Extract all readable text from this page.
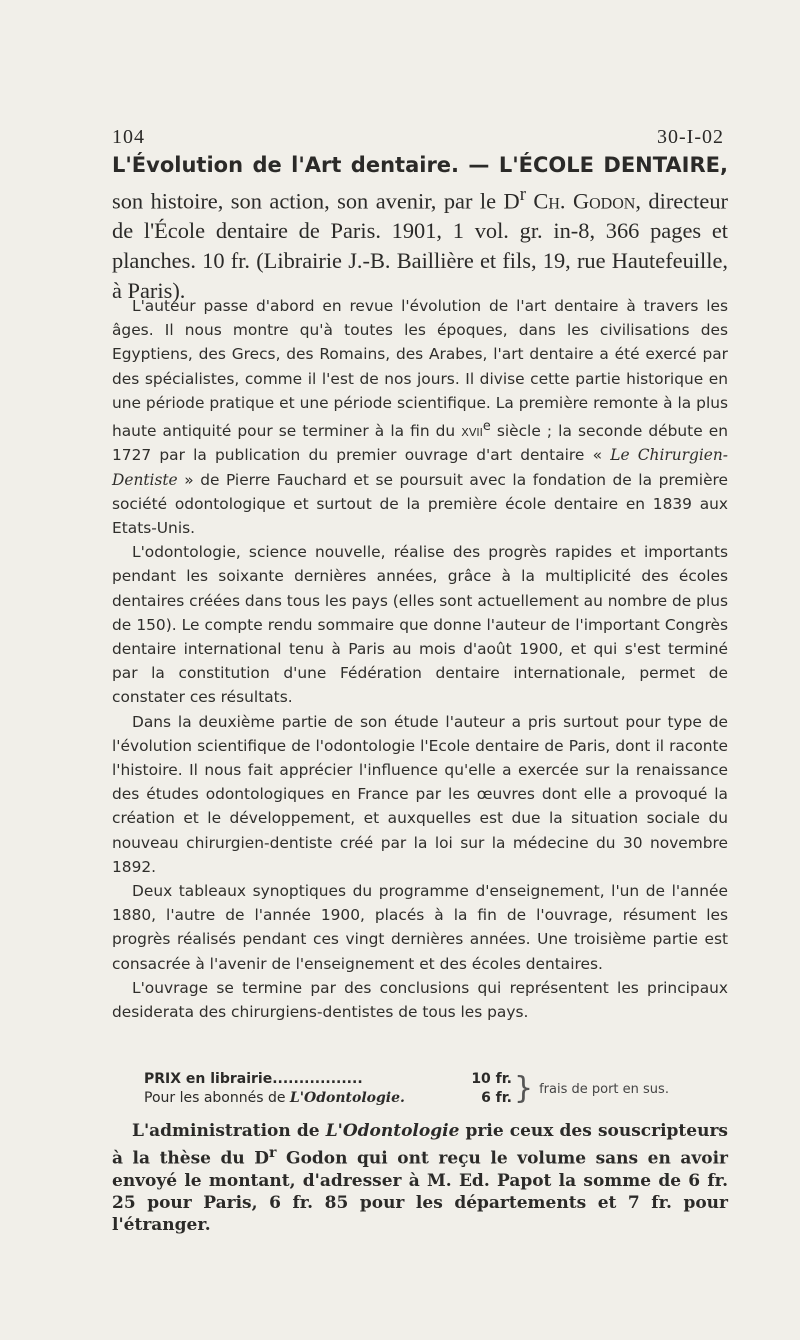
104	30-I-02
L'Évolution de l'Art dentaire. — L'ÉCOLE DENTAIRE, son histoire, son action, son avenir, par le $D^r$ Ch. Godon, directeur de l'École dentaire de Paris. 1901, 1 vol. gr. in-8, 366 pages et planches. 10 fr. (Librairie J.-B. Baillière et fils, 19, rue Hautefeuille, à Paris).

L'auteur passe d'abord en revue l'évolution de l'art dentaire à travers les âges. Il nous montre qu'à toutes les époques, dans les civilisations des Egyptiens, des Grecs, des Romains, des Arabes, l'art dentaire a été exercé par des spécialistes, comme il l'est de nos jours. Il divise cette partie historique en une période pratique et une période scientifique. La première remonte à la plus haute antiquité pour se terminer à la fin du xvii$^e$ siècle ; la seconde débute en 1727 par la publication du premier ouvrage d'art dentaire « Le Chirurgien-Dentiste » de Pierre Fauchard et se poursuit avec la fondation de la première société odontologique et surtout de la première école dentaire en 1839 aux Etats-Unis.

L'odontologie, science nouvelle, réalise des progrès rapides et importants pendant les soixante dernières années, grâce à la multiplicité des écoles dentaires créées dans tous les pays (elles sont actuellement au nombre de plus de 150). Le compte rendu sommaire que donne l'auteur de l'important Congrès dentaire international tenu à Paris au mois d'août 1900, et qui s'est terminé par la constitution d'une Fédération dentaire internationale, permet de constater ces résultats.

Dans la deuxième partie de son étude l'auteur a pris surtout pour type de l'évolution scientifique de l'odontologie l'Ecole dentaire de Paris, dont il raconte l'histoire. Il nous fait apprécier l'influence qu'elle a exercée sur la renaissance des études odontologiques en France par les œuvres dont elle a provoqué la création et le développement, et auxquelles est due la situation sociale du nouveau chirurgien-dentiste créé par la loi sur la médecine du 30 novembre 1892.

Deux tableaux synoptiques du programme d'enseignement, l'un de l'année 1880, l'autre de l'année 1900, placés à la fin de l'ouvrage, résument les progrès réalisés pendant ces vingt dernières années. Une troisième partie est consacrée à l'avenir de l'enseignement et des écoles dentaires.

L'ouvrage se termine par des conclusions qui représentent les principaux desiderata des chirurgiens-dentistes de tous les pays.

PRIX en librairie.................	10 fr.
Pour les abonnés de L'Odontologie.	6 fr. } frais de port en sus.
L'administration de L'Odontologie prie ceux des souscripteurs à la thèse du $D^r$ Godon qui ont reçu le volume sans en avoir envoyé le montant, d'adresser à M. Ed. Papot la somme de 6 fr. 25 pour Paris, 6 fr. 85 pour les départements et 7 fr. pour l'étranger.
